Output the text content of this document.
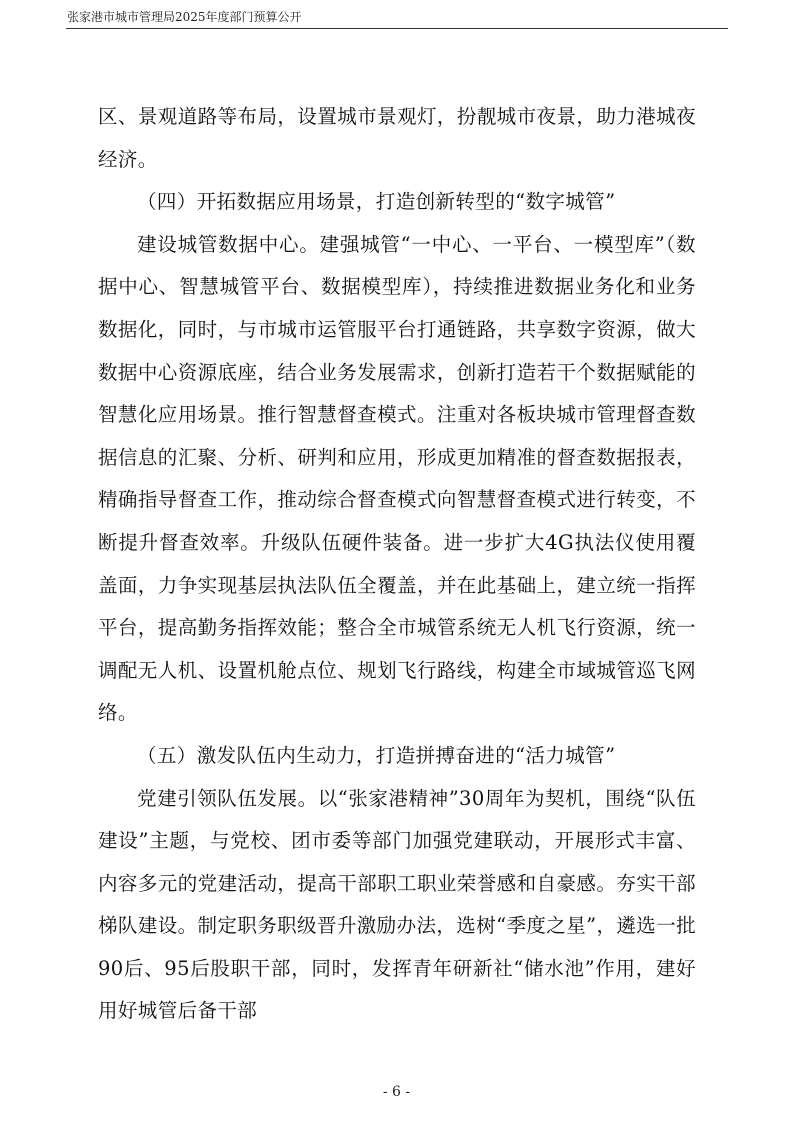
张家港市城市管理局2025年度部门预算公开

区、景观道路等布局，设置城市景观灯，扮靓城市夜景，助力港城夜经济。

（四）开拓数据应用场景，打造创新转型的“数字城管”

建设城管数据中心。建强城管“一中心、一平台、一模型库”（数据中心、智慧城管平台、数据模型库），持续推进数据业务化和业务数据化，同时，与市城市运管服平台打通链路，共享数字资源，做大数据中心资源底座，结合业务发展需求，创新打造若干个数据赋能的智慧化应用场景。推行智慧督查模式。注重对各板块城市管理督查数据信息的汇聚、分析、研判和应用，形成更加精准的督查数据报表，精确指导督查工作，推动综合督查模式向智慧督查模式进行转变，不断提升督查效率。升级队伍硬件装备。进一步扩大4G执法仪使用覆盖面，力争实现基层执法队伍全覆盖，并在此基础上，建立统一指挥平台，提高勤务指挥效能；整合全市城管系统无人机飞行资源，统一调配无人机、设置机舱点位、规划飞行路线，构建全市域城管巡飞网络。

（五）激发队伍内生动力，打造拼搏奋进的“活力城管”

党建引领队伍发展。以“张家港精神”30周年为契机，围绕“队伍建设”主题，与党校、团市委等部门加强党建联动，开展形式丰富、内容多元的党建活动，提高干部职工职业荣誉感和自豪感。夯实干部梯队建设。制定职务职级晋升激励办法，选树“季度之星”，遴选一批90后、95后股职干部，同时，发挥青年研新社“储水池”作用，建好用好城管后备干部

- 6 -
